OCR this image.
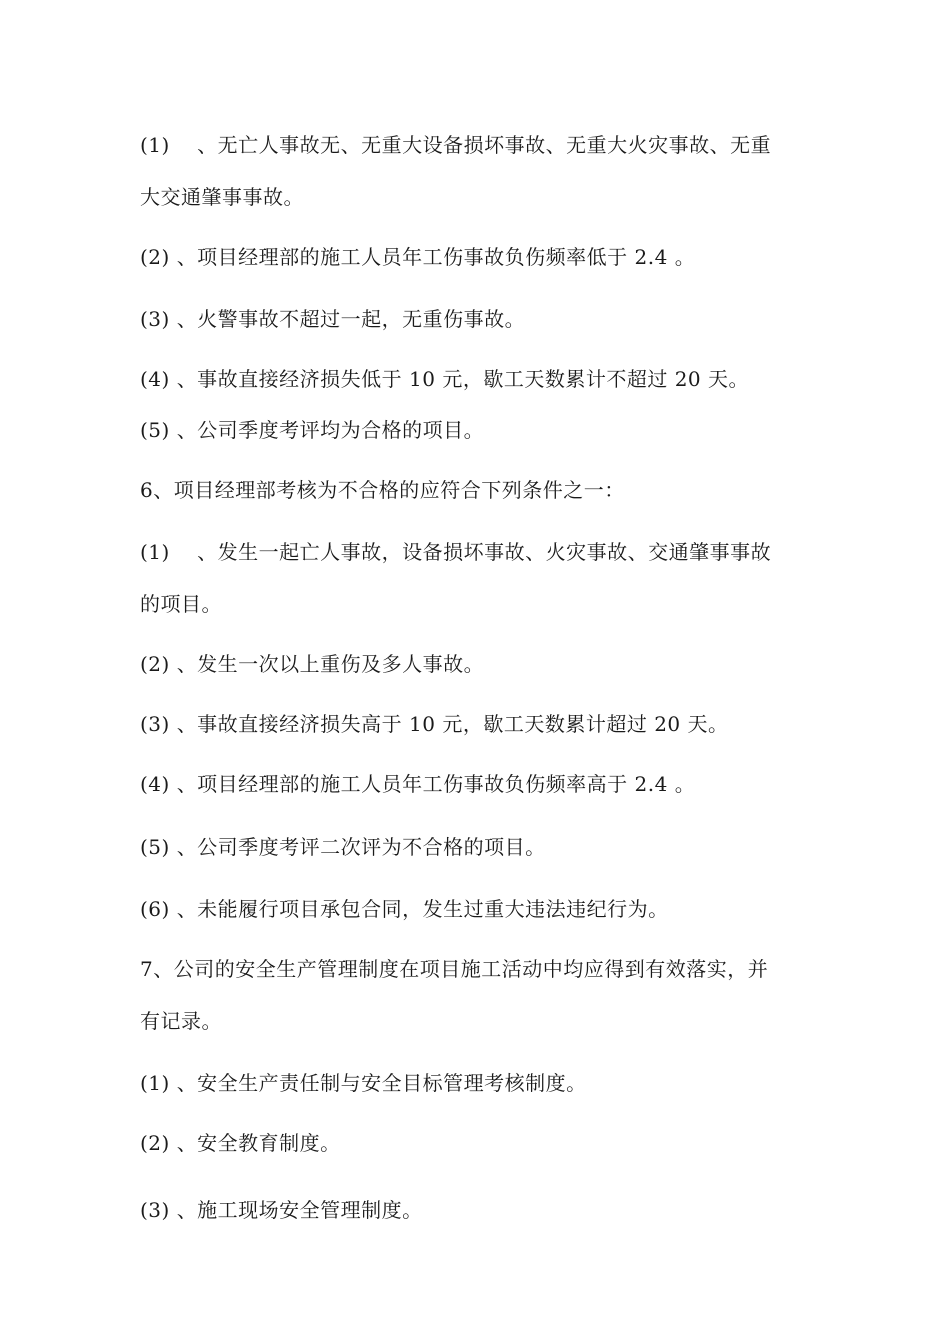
(1)　 、无亡人事故无、无重大设备损坏事故、无重大火灾事故、无重
大交通肇事事故。
(2) 、项目经理部的施工人员年工伤事故负伤频率低于 2.4 。
(3) 、火警事故不超过一起，无重伤事故。
(4) 、事故直接经济损失低于 10 元，歇工天数累计不超过 20 天。
(5) 、公司季度考评均为合格的项目。
6、项目经理部考核为不合格的应符合下列条件之一：
(1)　 、发生一起亡人事故，设备损坏事故、火灾事故、交通肇事事故
的项目。
(2) 、发生一次以上重伤及多人事故。
(3) 、事故直接经济损失高于 10 元，歇工天数累计超过 20 天。
(4) 、项目经理部的施工人员年工伤事故负伤频率高于 2.4 。
(5) 、公司季度考评二次评为不合格的项目。
(6) 、未能履行项目承包合同，发生过重大违法违纪行为。
7、公司的安全生产管理制度在项目施工活动中均应得到有效落实，并
有记录。
(1) 、安全生产责任制与安全目标管理考核制度。
(2) 、安全教育制度。
(3) 、施工现场安全管理制度。
